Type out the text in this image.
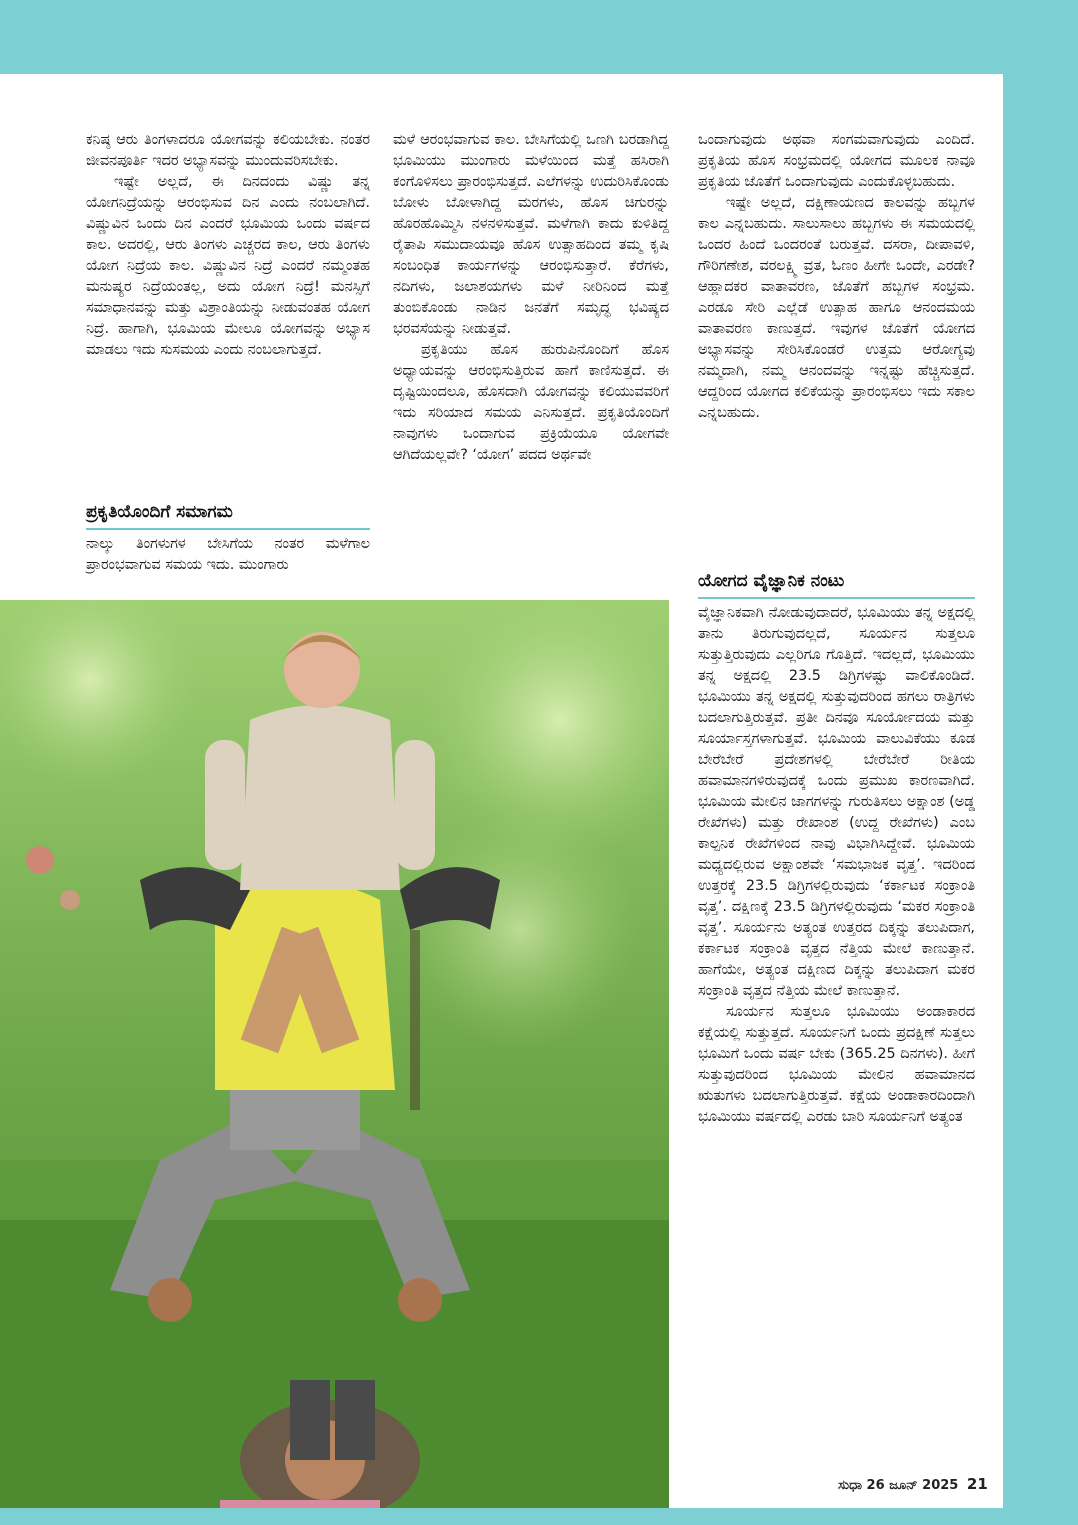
ಕನಿಷ್ಠ ಆರು ತಿಂಗಳಾದರೂ ಯೋಗವನ್ನು ಕಲಿಯಬೇಕು. ನಂತರ ಜೀವನಪೂರ್ತಿ ಇದರ ಅಭ್ಯಾಸವನ್ನು ಮುಂದುವರಿಸಬೇಕು.

ಇಷ್ಟೇ ಅಲ್ಲದೆ, ಈ ದಿನದಂದು ವಿಷ್ಣು ತನ್ನ ಯೋಗನಿದ್ರೆಯನ್ನು ಆರಂಭಿಸುವ ದಿನ ಎಂದು ನಂಬಲಾಗಿದೆ. ವಿಷ್ಣುವಿನ ಒಂದು ದಿನ ಎಂದರೆ ಭೂಮಿಯ ಒಂದು ವರ್ಷದ ಕಾಲ. ಅದರಲ್ಲಿ, ಆರು ತಿಂಗಳು ಎಚ್ಚರದ ಕಾಲ, ಆರು ತಿಂಗಳು ಯೋಗ ನಿದ್ರೆಯ ಕಾಲ. ವಿಷ್ಣುವಿನ ನಿದ್ರೆ ಎಂದರೆ ನಮ್ಮಂತಹ ಮನುಷ್ಯರ ನಿದ್ರೆಯಂತಲ್ಲ, ಅದು ಯೋಗ ನಿದ್ರೆ! ಮನಸ್ಸಿಗೆ ಸಮಾಧಾನವನ್ನು ಮತ್ತು ವಿಶ್ರಾಂತಿಯನ್ನು ನೀಡುವಂತಹ ಯೋಗ ನಿದ್ರೆ. ಹಾಗಾಗಿ, ಭೂಮಿಯ ಮೇಲೂ ಯೋಗವನ್ನು ಅಭ್ಯಾಸ ಮಾಡಲು ಇದು ಸುಸಮಯ ಎಂದು ನಂಬಲಾಗುತ್ತದೆ.

ಪ್ರಕೃತಿಯೊಂದಿಗೆ ಸಮಾಗಮ

ನಾಲ್ಕು ತಿಂಗಳುಗಳ ಬೇಸಿಗೆಯ ನಂತರ ಮಳೆಗಾಲ ಪ್ರಾರಂಭವಾಗುವ ಸಮಯ ಇದು. ಮುಂಗಾರು

ಮಳೆ ಆರಂಭವಾಗುವ ಕಾಲ. ಬೇಸಿಗೆಯಲ್ಲಿ ಒಣಗಿ ಬರಡಾಗಿದ್ದ ಭೂಮಿಯು ಮುಂಗಾರು ಮಳೆಯಿಂದ ಮತ್ತೆ ಹಸಿರಾಗಿ ಕಂಗೊಳಿಸಲು ಪ್ರಾರಂಭಿಸುತ್ತದೆ. ಎಲೆಗಳನ್ನು ಉದುರಿಸಿಕೊಂಡು ಬೋಳು ಬೋಳಾಗಿದ್ದ ಮರಗಳು, ಹೊಸ ಚಿಗುರನ್ನು ಹೊರಹೊಮ್ಮಿಸಿ ನಳನಳಿಸುತ್ತವೆ. ಮಳೆಗಾಗಿ ಕಾದು ಕುಳಿತಿದ್ದ ರೈತಾಪಿ ಸಮುದಾಯವೂ ಹೊಸ ಉತ್ಸಾಹದಿಂದ ತಮ್ಮ ಕೃಷಿ ಸಂಬಂಧಿತ ಕಾರ್ಯಗಳನ್ನು ಆರಂಭಿಸುತ್ತಾರೆ. ಕೆರೆಗಳು, ನದಿಗಳು, ಜಲಾಶಯಗಳು ಮಳೆ ನೀರಿನಿಂದ ಮತ್ತೆ ತುಂಬಿಕೊಂಡು ನಾಡಿನ ಜನತೆಗೆ ಸಮೃದ್ಧ ಭವಿಷ್ಯದ ಭರವಸೆಯನ್ನು ನೀಡುತ್ತವೆ.

ಪ್ರಕೃತಿಯು ಹೊಸ ಹುರುಪಿನೊಂದಿಗೆ ಹೊಸ ಅಧ್ಯಾಯವನ್ನು ಆರಂಭಿಸುತ್ತಿರುವ ಹಾಗೆ ಕಾಣಿಸುತ್ತದೆ. ಈ ದೃಷ್ಟಿಯಿಂದಲೂ, ಹೊಸದಾಗಿ ಯೋಗವನ್ನು ಕಲಿಯುವವರಿಗೆ ಇದು ಸರಿಯಾದ ಸಮಯ ಎನಿಸುತ್ತದೆ. ಪ್ರಕೃತಿಯೊಂದಿಗೆ ನಾವುಗಳು ಒಂದಾಗುವ ಪ್ರಕ್ರಿಯೆಯೂ ಯೋಗವೇ ಆಗಿದೆಯಲ್ಲವೇ? ‘ಯೋಗ’ ಪದದ ಅರ್ಥವೇ

ಒಂದಾಗುವುದು ಅಥವಾ ಸಂಗಮವಾಗುವುದು ಎಂದಿದೆ. ಪ್ರಕೃತಿಯ ಹೊಸ ಸಂಭ್ರಮದಲ್ಲಿ ಯೋಗದ ಮೂಲಕ ನಾವೂ ಪ್ರಕೃತಿಯ ಜೊತೆಗೆ ಒಂದಾಗುವುದು ಎಂದುಕೊಳ್ಳಬಹುದು.

ಇಷ್ಟೇ ಅಲ್ಲದೆ, ದಕ್ಷಿಣಾಯಣದ ಕಾಲವನ್ನು ಹಬ್ಬಗಳ ಕಾಲ ಎನ್ನಬಹುದು. ಸಾಲುಸಾಲು ಹಬ್ಬಗಳು ಈ ಸಮಯದಲ್ಲಿ ಒಂದರ ಹಿಂದೆ ಒಂದರಂತೆ ಬರುತ್ತವೆ. ದಸರಾ, ದೀಪಾವಳಿ, ಗೌರಿಗಣೇಶ, ವರಲಕ್ಷ್ಮಿ ವ್ರತ, ಓಣಂ ಹೀಗೇ ಒಂದೇ, ಎರಡೇ? ಆಹ್ಲಾದಕರ ವಾತಾವರಣ, ಜೊತೆಗೆ ಹಬ್ಬಗಳ ಸಂಭ್ರಮ. ಎರಡೂ ಸೇರಿ ಎಲ್ಲೆಡೆ ಉತ್ಸಾಹ ಹಾಗೂ ಆನಂದಮಯ ವಾತಾವರಣ ಕಾಣುತ್ತದೆ. ಇವುಗಳ ಜೊತೆಗೆ ಯೋಗದ ಅಭ್ಯಾಸವನ್ನು ಸೇರಿಸಿಕೊಂಡರೆ ಉತ್ತಮ ಆರೋಗ್ಯವು ನಮ್ಮದಾಗಿ, ನಮ್ಮ ಆನಂದವನ್ನು ಇನ್ನಷ್ಟು ಹೆಚ್ಚಿಸುತ್ತದೆ. ಆದ್ದರಿಂದ ಯೋಗದ ಕಲಿಕೆಯನ್ನು ಪ್ರಾರಂಭಿಸಲು ಇದು ಸಕಾಲ ಎನ್ನಬಹುದು.

ಯೋಗದ ವೈಜ್ಞಾನಿಕ ನಂಟು

ವೈಜ್ಞಾನಿಕವಾಗಿ ನೋಡುವುದಾದರೆ, ಭೂಮಿಯು ತನ್ನ ಅಕ್ಷದಲ್ಲಿ ತಾನು ತಿರುಗುವುದಲ್ಲದೆ, ಸೂರ್ಯನ ಸುತ್ತಲೂ ಸುತ್ತುತ್ತಿರುವುದು ಎಲ್ಲರಿಗೂ ಗೊತ್ತಿದೆ. ಇದಲ್ಲದೆ, ಭೂಮಿಯು ತನ್ನ ಅಕ್ಷದಲ್ಲಿ 23.5 ಡಿಗ್ರಿಗಳಷ್ಟು ವಾಲಿಕೊಂಡಿದೆ. ಭೂಮಿಯು ತನ್ನ ಅಕ್ಷದಲ್ಲಿ ಸುತ್ತುವುದರಿಂದ ಹಗಲು ರಾತ್ರಿಗಳು ಬದಲಾಗುತ್ತಿರುತ್ತವೆ. ಪ್ರತೀ ದಿನವೂ ಸೂರ್ಯೋದಯ ಮತ್ತು ಸೂರ್ಯಾಸ್ತಗಳಾಗುತ್ತವೆ. ಭೂಮಿಯ ವಾಲುವಿಕೆಯು ಕೂಡ ಬೇರೆಬೇರೆ ಪ್ರದೇಶಗಳಲ್ಲಿ ಬೇರೆಬೇರೆ ರೀತಿಯ ಹವಾಮಾನಗಳಿರುವುದಕ್ಕೆ ಒಂದು ಪ್ರಮುಖ ಕಾರಣವಾಗಿದೆ. ಭೂಮಿಯ ಮೇಲಿನ ಜಾಗಗಳನ್ನು ಗುರುತಿಸಲು ಅಕ್ಷಾಂಶ (ಅಡ್ಡ ರೇಖೆಗಳು) ಮತ್ತು ರೇಖಾಂಶ (ಉದ್ದ ರೇಖೆಗಳು) ಎಂಬ ಕಾಲ್ಪನಿಕ ರೇಖೆಗಳಿಂದ ನಾವು ವಿಭಾಗಿಸಿದ್ದೇವೆ. ಭೂಮಿಯ ಮಧ್ಯದಲ್ಲಿರುವ ಅಕ್ಷಾಂಶವೇ ‘ಸಮಭಾಜಕ ವೃತ್ತ’. ಇದರಿಂದ ಉತ್ತರಕ್ಕೆ 23.5 ಡಿಗ್ರಿಗಳಲ್ಲಿರುವುದು ‘ಕರ್ಕಾಟಕ ಸಂಕ್ರಾಂತಿ ವೃತ್ತ’. ದಕ್ಷಿಣಕ್ಕೆ 23.5 ಡಿಗ್ರಿಗಳಲ್ಲಿರುವುದು ‘ಮಕರ ಸಂಕ್ರಾಂತಿ ವೃತ್ತ’. ಸೂರ್ಯನು ಅತ್ಯಂತ ಉತ್ತರದ ದಿಕ್ಕನ್ನು ತಲುಪಿದಾಗ, ಕರ್ಕಾಟಕ ಸಂಕ್ರಾಂತಿ ವೃತ್ತದ ನೆತ್ತಿಯ ಮೇಲೆ ಕಾಣುತ್ತಾನೆ. ಹಾಗೆಯೇ, ಅತ್ಯಂತ ದಕ್ಷಿಣದ ದಿಕ್ಕನ್ನು ತಲುಪಿದಾಗ ಮಕರ ಸಂಕ್ರಾಂತಿ ವೃತ್ತದ ನೆತ್ತಿಯ ಮೇಲೆ ಕಾಣುತ್ತಾನೆ.

ಸೂರ್ಯನ ಸುತ್ತಲೂ ಭೂಮಿಯು ಅಂಡಾಕಾರದ ಕಕ್ಷೆಯಲ್ಲಿ ಸುತ್ತುತ್ತದೆ. ಸೂರ್ಯನಿಗೆ ಒಂದು ಪ್ರದಕ್ಷಿಣೆ ಸುತ್ತಲು ಭೂಮಿಗೆ ಒಂದು ವರ್ಷ ಬೇಕು (365.25 ದಿನಗಳು). ಹೀಗೆ ಸುತ್ತುವುದರಿಂದ ಭೂಮಿಯ ಮೇಲಿನ ಹವಾಮಾನದ ಋತುಗಳು ಬದಲಾಗುತ್ತಿರುತ್ತವೆ. ಕಕ್ಷೆಯ ಅಂಡಾಕಾರದಿಂದಾಗಿ ಭೂಮಿಯು ವರ್ಷದಲ್ಲಿ ಎರಡು ಬಾರಿ ಸೂರ್ಯನಿಗೆ ಅತ್ಯಂತ

ಸುಧಾ 26 ಜೂನ್ 2025 21
